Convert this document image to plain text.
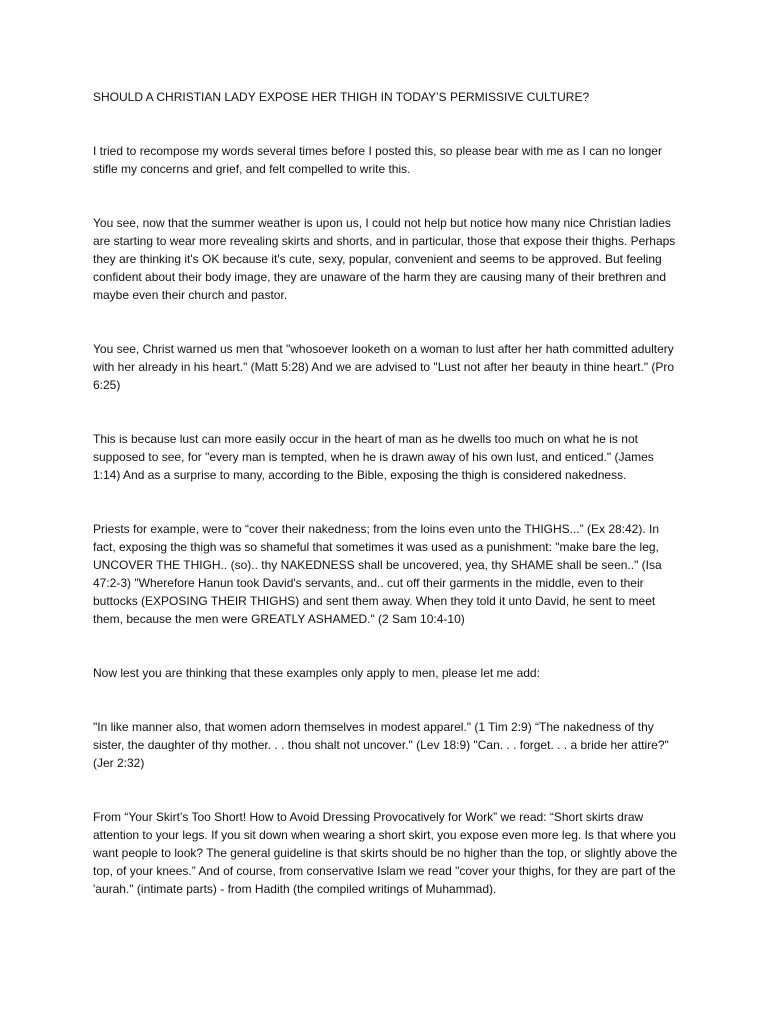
SHOULD A CHRISTIAN LADY EXPOSE HER THIGH IN TODAY’S PERMISSIVE CULTURE?

I tried to recompose my words several times before I posted this, so please bear with me as I can no longer stifle my concerns and grief, and felt compelled to write this.

You see, now that the summer weather is upon us, I could not help but notice how many nice Christian ladies are starting to wear more revealing skirts and shorts, and in particular, those that expose their thighs. Perhaps they are thinking it's OK because it's cute, sexy, popular, convenient and seems to be approved. But feeling confident about their body image, they are unaware of the harm they are causing many of their brethren and maybe even their church and pastor.

You see, Christ warned us men that "whosoever looketh on a woman to lust after her hath committed adultery with her already in his heart." (Matt 5:28) And we are advised to "Lust not after her beauty in thine heart." (Pro 6:25)

This is because lust can more easily occur in the heart of man as he dwells too much on what he is not supposed to see, for "every man is tempted, when he is drawn away of his own lust, and enticed." (James 1:14) And as a surprise to many, according to the Bible, exposing the thigh is considered nakedness.

Priests for example, were to “cover their nakedness; from the loins even unto the THIGHS...” (Ex 28:42). In fact, exposing the thigh was so shameful that sometimes it was used as a punishment: "make bare the leg, UNCOVER THE THIGH.. (so).. thy NAKEDNESS shall be uncovered, yea, thy SHAME shall be seen.." (Isa 47:2-3) "Wherefore Hanun took David's servants, and.. cut off their garments in the middle, even to their buttocks (EXPOSING THEIR THIGHS) and sent them away. When they told it unto David, he sent to meet them, because the men were GREATLY ASHAMED." (2 Sam 10:4-10)

Now lest you are thinking that these examples only apply to men, please let me add:

"In like manner also, that women adorn themselves in modest apparel." (1 Tim 2:9) “The nakedness of thy sister, the daughter of thy mother. . . thou shalt not uncover." (Lev 18:9) "Can. . . forget. . . a bride her attire?" (Jer 2:32)

From “Your Skirt’s Too Short! How to Avoid Dressing Provocatively for Work” we read: “Short skirts draw attention to your legs. If you sit down when wearing a short skirt, you expose even more leg. Is that where you want people to look? The general guideline is that skirts should be no higher than the top, or slightly above the top, of your knees.” And of course, from conservative Islam we read "cover your thighs, for they are part of the 'aurah." (intimate parts) - from Hadith (the compiled writings of Muhammad).
